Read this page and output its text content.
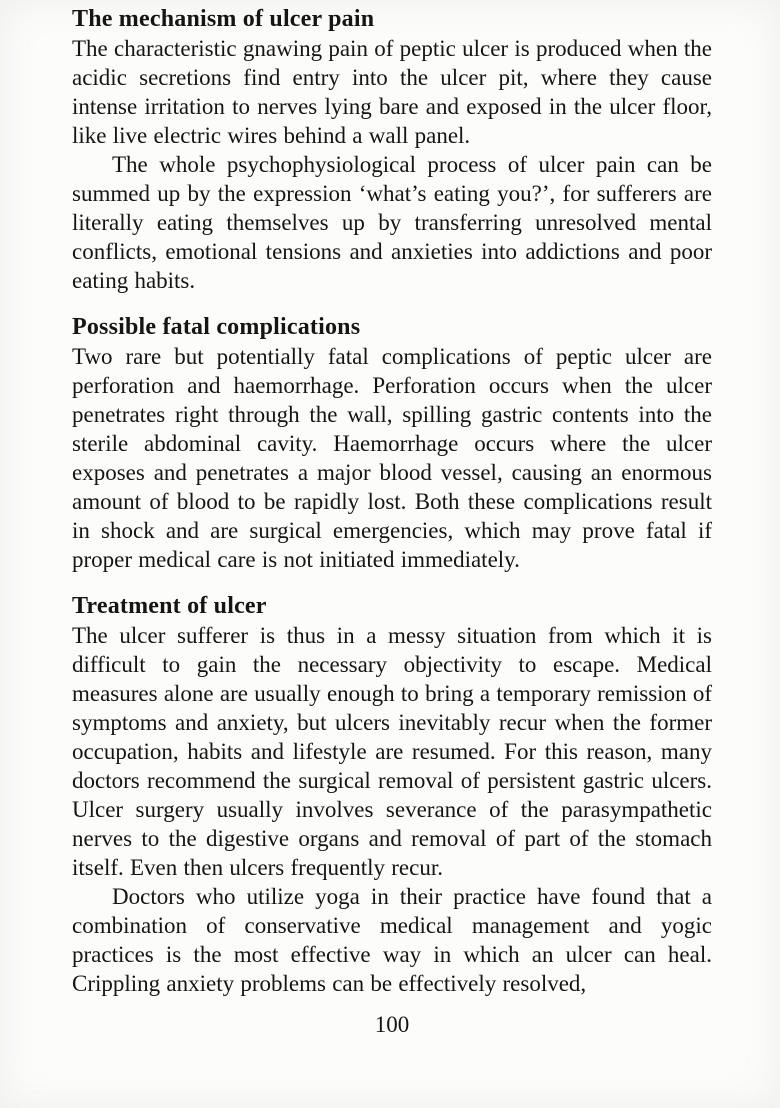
The mechanism of ulcer pain

The characteristic gnawing pain of peptic ulcer is produced when the acidic secretions find entry into the ulcer pit, where they cause intense irritation to nerves lying bare and exposed in the ulcer floor, like live electric wires behind a wall panel.

The whole psychophysiological process of ulcer pain can be summed up by the expression ‘what’s eating you?’, for sufferers are literally eating themselves up by transferring unresolved mental conflicts, emotional tensions and anxieties into addictions and poor eating habits.

Possible fatal complications

Two rare but potentially fatal complications of peptic ulcer are perforation and haemorrhage. Perforation occurs when the ulcer penetrates right through the wall, spilling gastric contents into the sterile abdominal cavity. Haemorrhage occurs where the ulcer exposes and penetrates a major blood vessel, causing an enormous amount of blood to be rapidly lost. Both these complications result in shock and are surgical emergencies, which may prove fatal if proper medical care is not initiated immediately.

Treatment of ulcer

The ulcer sufferer is thus in a messy situation from which it is difficult to gain the necessary objectivity to escape. Medical measures alone are usually enough to bring a temporary remission of symptoms and anxiety, but ulcers inevitably recur when the former occupation, habits and lifestyle are resumed. For this reason, many doctors recommend the surgical removal of persistent gastric ulcers. Ulcer surgery usually involves severance of the parasympathetic nerves to the digestive organs and removal of part of the stomach itself. Even then ulcers frequently recur.

Doctors who utilize yoga in their practice have found that a combination of conservative medical management and yogic practices is the most effective way in which an ulcer can heal. Crippling anxiety problems can be effectively resolved,

100
